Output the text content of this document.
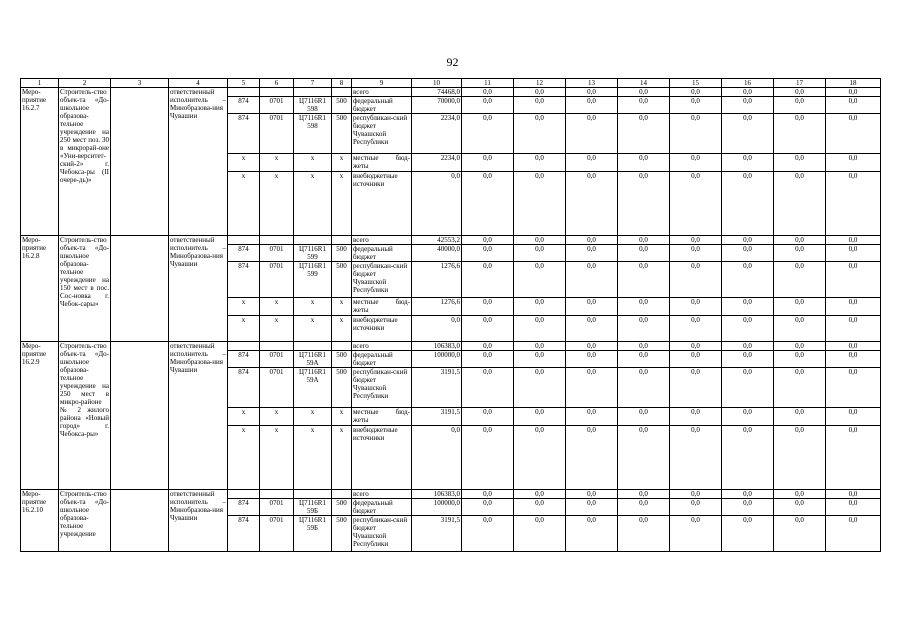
92
1	2	3	4	5	6	7	8	9	10	11	12	13	14	15	16	17	18
Меро-приятие 16.2.7	Строитель-ство объек-та «До-школьное образова-тельное учреждение на 250 мест поз. 30 в микрорай-оне «Уни-верситет-ский-2» г. Чебокса-ры (II очере-дь)»		ответственный исполнитель – Минобразова-ния Чувашии					всего	74468,0	0,0	0,0	0,0	0,0	0,0	0,0	0,0	0,0
				874	0701	Ц7116R1 598	500	федеральный бюджет	70000,0	0,0	0,0	0,0	0,0	0,0	0,0	0,0	0,0
				874	0701	Ц7116R1 598	500	республикан-ский бюджет Чувашской Республики	2234,0	0,0	0,0	0,0	0,0	0,0	0,0	0,0	0,0
				x	x	x	x	местные бюд-жеты	2234,0	0,0	0,0	0,0	0,0	0,0	0,0	0,0	0,0
				x	x	x	x	внебюджетные источники	0,0	0,0	0,0	0,0	0,0	0,0	0,0	0,0	0,0
Меро-приятие 16.2.8	Строитель-ство объек-та «До-школьное образова-тельное учреждение на 150 мест в пос. Сос-новка г. Чебок-сары»		ответственный исполнитель – Минобразова-ния Чувашии					всего	42553,2	0,0	0,0	0,0	0,0	0,0	0,0	0,0	0,0
				874	0701	Ц7116R1 599	500	федеральный бюджет	40000,0	0,0	0,0	0,0	0,0	0,0	0,0	0,0	0,0
				874	0701	Ц7116R1 599	500	республикан-ский бюджет Чувашской Республики	1276,6	0,0	0,0	0,0	0,0	0,0	0,0	0,0	0,0
				x	x	x	x	местные бюд-жеты	1276,6	0,0	0,0	0,0	0,0	0,0	0,0	0,0	0,0
				x	x	x	x	внебюджетные источники	0,0	0,0	0,0	0,0	0,0	0,0	0,0	0,0	0,0
Меро-приятие 16.2.9	Строитель-ство объек-та «До-школьное образова-тельное учреждение на 250 мест в микро-районе № 2 жилого района «Новый город» г. Чебокса-ры»		ответственный исполнитель – Минобразова-ния Чувашии					всего	106383,0	0,0	0,0	0,0	0,0	0,0	0,0	0,0	0,0
				874	0701	Ц7116R1 59А	500	федеральный бюджет	100000,0	0,0	0,0	0,0	0,0	0,0	0,0	0,0	0,0
				874	0701	Ц7116R1 59А	500	республикан-ский бюджет Чувашской Республики	3191,5	0,0	0,0	0,0	0,0	0,0	0,0	0,0	0,0
				x	x	x	x	местные бюд-жеты	3191,5	0,0	0,0	0,0	0,0	0,0	0,0	0,0	0,0
				x	x	x	x	внебюджетные источники	0,0	0,0	0,0	0,0	0,0	0,0	0,0	0,0	0,0
Меро-приятие 16.2.10	Строитель-ство объек-та «До-школьное образова-тельное учреждение		ответственный исполнитель – Минобразова-ния Чувашии					всего	106383,0	0,0	0,0	0,0	0,0	0,0	0,0	0,0	0,0
				874	0701	Ц7116R1 59Б	500	федеральный бюджет	100000,0	0,0	0,0	0,0	0,0	0,0	0,0	0,0	0,0
				874	0701	Ц7116R1 59Б	500	республикан-ский бюджет Чувашской Республики	3191,5	0,0	0,0	0,0	0,0	0,0	0,0	0,0	0,0
